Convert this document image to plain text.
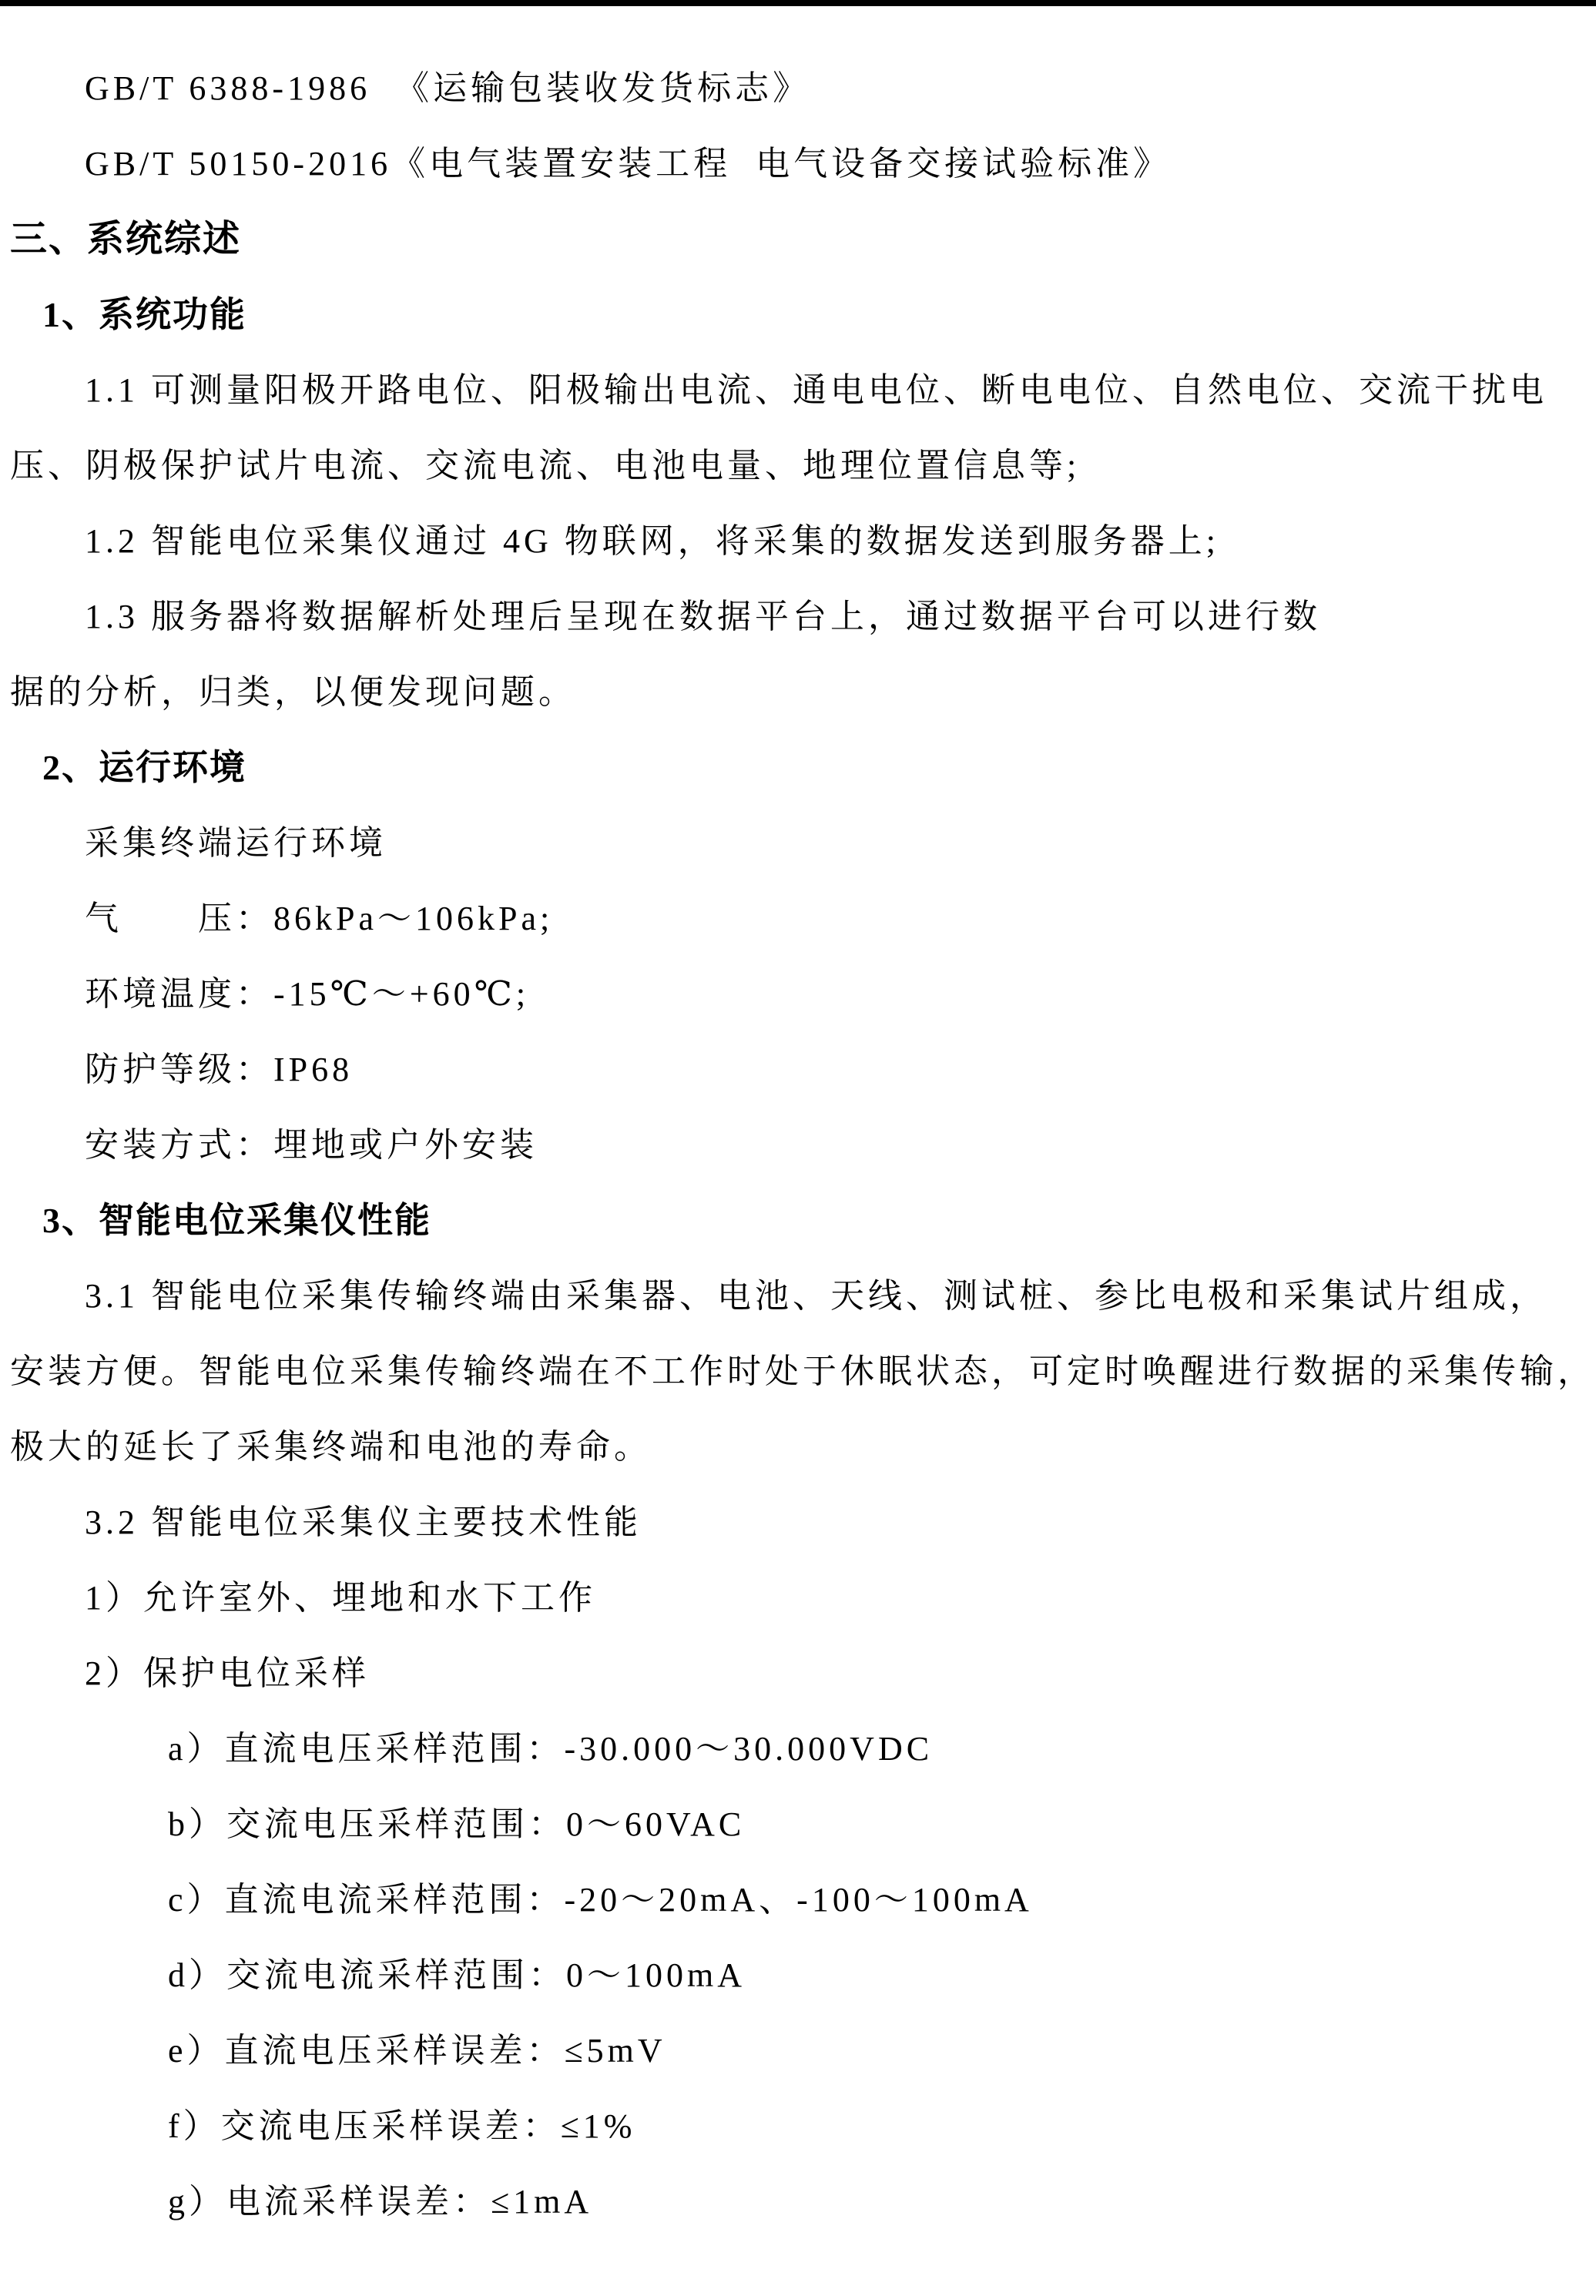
GB/T 6388-1986  《运输包装收发货标志》

GB/T 50150-2016《电气装置安装工程  电气设备交接试验标准》

三、系统综述

1、系统功能

1.1 可测量阳极开路电位、阳极输出电流、通电电位、断电电位、自然电位、交流干扰电

压、阴极保护试片电流、交流电流、电池电量、地理位置信息等;

1.2 智能电位采集仪通过 4G 物联网，将采集的数据发送到服务器上;

1.3 服务器将数据解析处理后呈现在数据平台上，通过数据平台可以进行数

据的分析，归类，以便发现问题。

2、运行环境

采集终端运行环境

气　　压：86kPa～106kPa;

环境温度：-15℃～+60℃;

防护等级：IP68

安装方式：埋地或户外安装

3、智能电位采集仪性能

3.1 智能电位采集传输终端由采集器、电池、天线、测试桩、参比电极和采集试片组成，

安装方便。智能电位采集传输终端在不工作时处于休眠状态，可定时唤醒进行数据的采集传输，

极大的延长了采集终端和电池的寿命。

3.2 智能电位采集仪主要技术性能

1）允许室外、埋地和水下工作

2）保护电位采样

a）直流电压采样范围：-30.000～30.000VDC

b）交流电压采样范围：0～60VAC

c）直流电流采样范围：-20～20mA、-100～100mA

d）交流电流采样范围：0～100mA

e）直流电压采样误差：≤5mV

f）交流电压采样误差：≤1%

g）电流采样误差：≤1mA
